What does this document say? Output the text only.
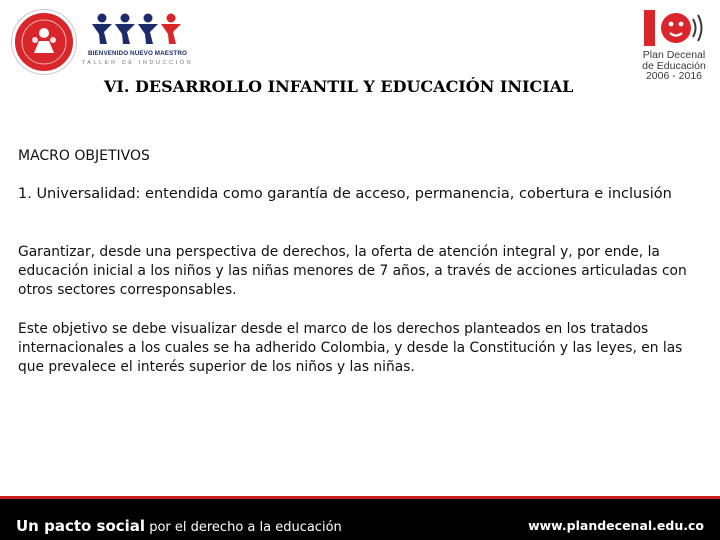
BIENVENIDO NUEVO MAESTRO
TALLER DE INDUCCIÓN
Plan Decenal
de Educación
2006 - 2016
VI. DESARROLLO INFANTIL Y EDUCACIÓN INICIAL
MACRO OBJETIVOS
1. Universalidad: entendida como garantía de acceso, permanencia, cobertura e inclusión

Garantizar, desde una perspectiva de derechos, la oferta de atención integral y, por ende, la educación inicial a los niños y las niñas menores de 7 años, a través de acciones articuladas con otros sectores corresponsables.

Este objetivo se debe visualizar desde el marco de los derechos planteados en los tratados internacionales a los cuales se ha adherido Colombia, y desde la Constitución y las leyes, en las que prevalece el interés superior de los niños y las niñas.

Un pacto social por el derecho a la educación	www.plandecenal.edu.co
